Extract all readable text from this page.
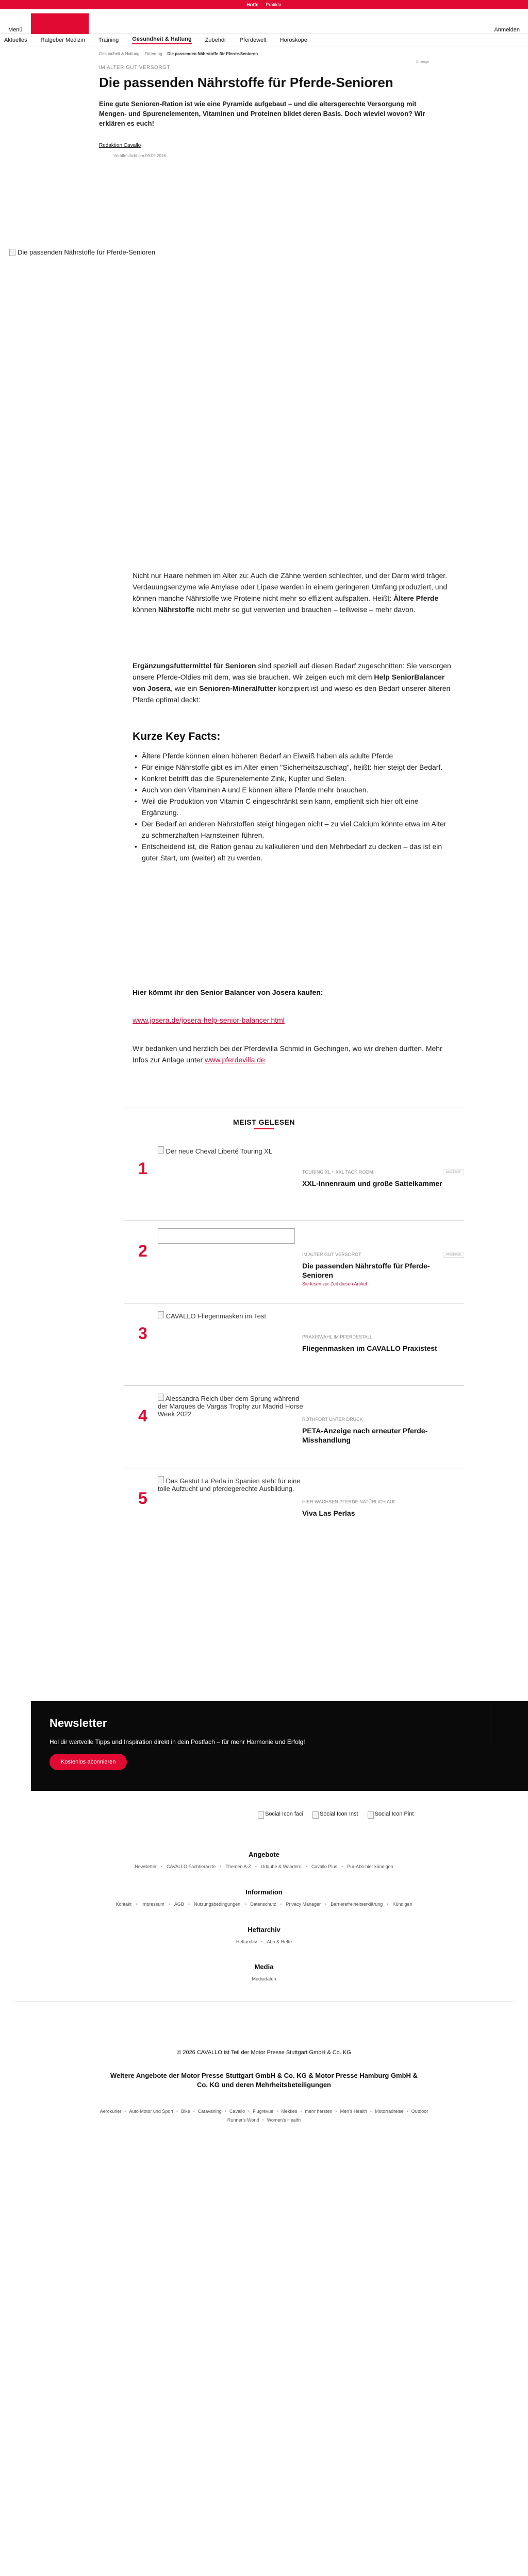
Hoffe Pratikta
Menü	Anmelden
Aktuelles Ratgeber Medizin Training Gesundheit & Haltung Zubehör Pferdewelt Horoskope
Gesundheit & Haltung Fütterung Die passenden Nährstoffe für Pferde-Senioren
Anzeige
IM ALTER GUT VERSORGT
Die passenden Nährstoffe für Pferde-Senioren

Eine gute Senioren-Ration ist wie eine Pyramide aufgebaut – und die altersgerechte Versorgung mit Mengen- und Spurenelementen, Vitaminen und Proteinen bildet deren Basis. Doch wieviel wovon? Wir erklären es euch!

Redaktion Cavallo
Veröffentlicht am 09.09.2016
Die passenden Nährstoffe für Pferde-Senioren

Nicht nur Haare nehmen im Alter zu: Auch die Zähne werden schlechter, und der Darm wird träger. Verdauungsenzyme wie Amylase oder Lipase werden in einem geringeren Umfang produziert, und können manche Nährstoffe wie Proteine nicht mehr so effizient aufspalten. Heißt: Ältere Pferde können Nährstoffe nicht mehr so gut verwerten und brauchen – teilweise – mehr davon.

Ergänzungsfuttermittel für Senioren sind speziell auf diesen Bedarf zugeschnitten: Sie versorgen unsere Pferde-Oldies mit dem, was sie brauchen. Wir zeigen euch mit dem Help SeniorBalancer von Josera, wie ein Senioren-Mineralfutter konzipiert ist und wieso es den Bedarf unserer älteren Pferde optimal deckt:

Kurze Key Facts:
• Ältere Pferde können einen höheren Bedarf an Eiweiß haben als adulte Pferde
• Für einige Nährstoffe gibt es im Alter einen "Sicherheitszuschlag", heißt: hier steigt der Bedarf.
• Konkret betrifft das die Spurenelemente Zink, Kupfer und Selen.
• Auch von den Vitaminen A und E können ältere Pferde mehr brauchen.
• Weil die Produktion von Vitamin C eingeschränkt sein kann, empfiehlt sich hier oft eine Ergänzung.
• Der Bedarf an anderen Nährstoffen steigt hingegen nicht – zu viel Calcium könnte etwa im Alter zu schmerzhaften Harnsteinen führen.
• Entscheidend ist, die Ration genau zu kalkulieren und den Mehrbedarf zu decken – das ist ein guter Start, um (weiter) alt zu werden.
Hier kömmt ihr den Senior Balancer von Josera kaufen:
www.josera.de/josera-help-senior-balancer.html

Wir bedanken und herzlich bei der Pferdevilla Schmid in Gechingen, wo wir drehen durften. Mehr Infos zur Anlage unter www.pferdevilla.de

MEIST GELESEN
1
Der neue Cheval Liberté Touring XL
TOURING XL + XXL TACK ROOM	ANZEIGE
XXL-Innenraum und große Sattelkammer
2	IM ALTER GUT VERSORGT	ANZEIGE
Die passenden Nährstoffe für Pferde-Senioren
Sie lesen zur Zeit diesen Artikel
3
CAVALLO Fliegenmasken im Test
PRAXISWAHL IM PFERDESTALL
Fliegenmasken im CAVALLO Praxistest
4
Alessandra Reich über dem Sprung während der Marques de Vargas Trophy zur Madrid Horse Week 2022
ROTHFORT UNTER DRUCK
PETA-Anzeige nach erneuter Pferde-Misshandlung
5
Das Gestüt La Perla in Spanien steht für eine tolle Aufzucht und pferdegerechte Ausbildung.
HIER WACHSEN PFERDE NATÜRLICH AUF
Viva Las Perlas
Newsletter

Hol dir wertvolle Tipps und Inspiration direkt in dein Postfach – für mehr Harmonie und Erfolg!

Kostenlos abonnieren
Social Icon faci	Social Icon Inst	Social Icon Pint
Angebote
Newsletter • CAVALLO Fachtierärzte • Themen A-Z • Urlaube & Wandern • Cavallo Plus • Pur-Abo hier kündigen
Information
Kontakt • Impressum • AGB • Nutzungsbedingungen • Datenschutz • Privacy Manager • Barrierefreiheitserklärung • Kündigen
Heftarchiv
Heftarchiv • Abo & Hefte
Media
Mediadaten
© 2026 CAVALLO ist Teil der Motor Presse Stuttgart GmbH & Co. KG
Weitere Angebote der Motor Presse Stuttgart GmbH & Co. KG & Motor Presse Hamburg GmbH & Co. KG und deren Mehrheitsbeteiligungen
Aerokurier • Auto Motor und Sport • Bike • Caravaning • Cavallo • Flugrevue • Mekkes • mehr hersten • Men's Health • Motorradreise • Outdoor
Runner's World • Women's Health
